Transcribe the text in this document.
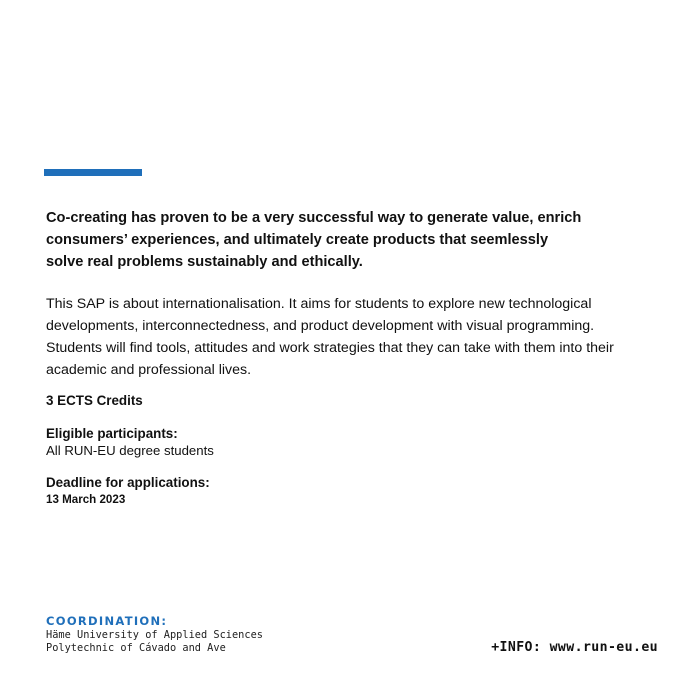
Co-creating has proven to be a very successful way to generate value, enrich
consumers’ experiences, and ultimately create products that seemlessly
solve real problems sustainably and ethically.

This SAP is about internationalisation. It aims for students to explore new technological
developments, interconnectedness, and product development with visual programming.
Students will find tools, attitudes and work strategies that they can take with them into their
academic and professional lives.

3 ECTS Credits
Eligible participants:
All RUN-EU degree students
Deadline for applications:
13 March 2023
COORDINATION:
Häme University of Applied Sciences
Polytechnic of Cávado and Ave	+INFO: www.run-eu.eu
